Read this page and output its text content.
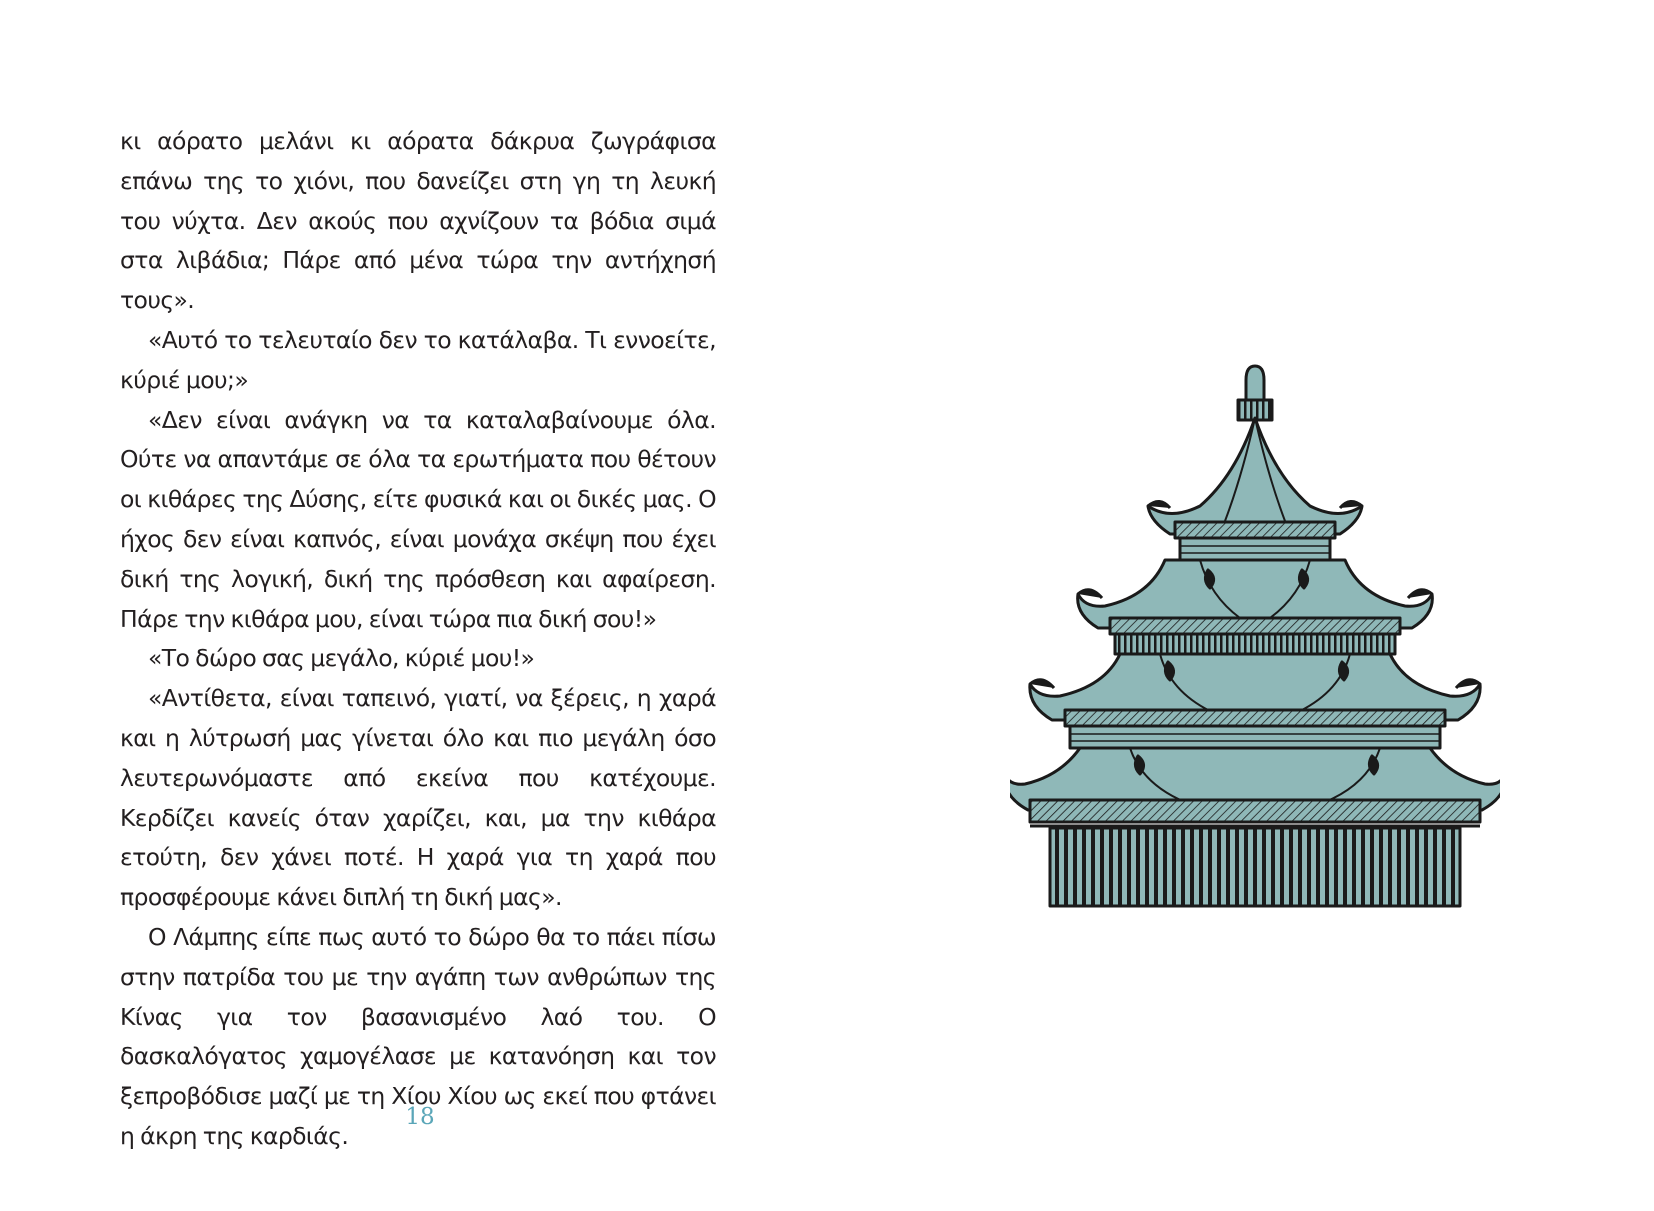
κι αόρατο μελάνι κι αόρατα δάκρυα ζωγράφισα επάνω της το χιόνι, που δανείζει στη γη τη λευκή του νύχτα. Δεν ακούς που αχνίζουν τα βόδια σιμά στα λιβάδια; Πάρε από μένα τώρα την αντήχησή τους».

«Αυτό το τελευταίο δεν το κατάλαβα. Τι εννοείτε, κύριέ μου;»

«Δεν είναι ανάγκη να τα καταλαβαίνουμε όλα. Ούτε να απαντάμε σε όλα τα ερωτήματα που θέτουν οι κιθάρες της Δύσης, είτε φυσικά και οι δικές μας. Ο ήχος δεν είναι καπνός, είναι μονάχα σκέψη που έχει δική της λογική, δική της πρόσθεση και αφαίρεση. Πάρε την κιθάρα μου, είναι τώρα πια δική σου!»

«Το δώρο σας μεγάλο, κύριέ μου!»

«Αντίθετα, είναι ταπεινό, γιατί, να ξέρεις, η χαρά και η λύτρωσή μας γίνεται όλο και πιο μεγάλη όσο λευτερωνόμαστε από εκείνα που κατέχουμε. Κερδίζει κανείς όταν χαρίζει, και, μα την κιθάρα ετούτη, δεν χάνει ποτέ. Η χαρά για τη χαρά που προσφέρουμε κάνει διπλή τη δική μας».

Ο Λάμπης είπε πως αυτό το δώρο θα το πάει πίσω στην πατρίδα του με την αγάπη των ανθρώπων της Κίνας για τον βασανισμένο λαό του. Ο δασκαλόγατος χαμογέλασε με κατανόηση και τον ξεπροβόδισε μαζί με τη Χίου Χίου ως εκεί που φτάνει η άκρη της καρδιάς.

18
